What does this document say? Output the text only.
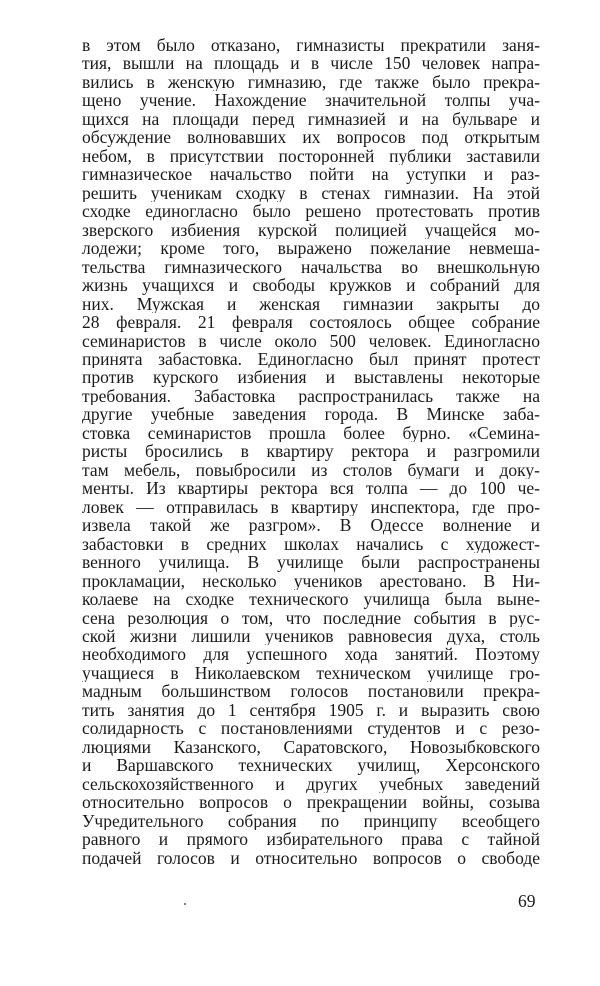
в этом было отказано, гимназисты прекратили заня-
тия, вышли на площадь и в числе 150 человек напра-
вились в женскую гимназию, где также было прекра-
щено учение. Нахождение значительной толпы уча-
щихся на площади перед гимназией и на бульваре и
обсуждение волновавших их вопросов под открытым
небом, в присутствии посторонней публики заставили
гимназическое начальство пойти на уступки и раз-
решить ученикам сходку в стенах гимназии. На этой
сходке единогласно было решено протестовать против
зверского избиения курской полицией учащейся мо-
лодежи; кроме того, выражено пожелание невмеша-
тельства гимназического начальства во внешкольную
жизнь учащихся и свободы кружков и собраний для
них. Мужская и женская гимназии закрыты до
28 февраля. 21 февраля состоялось общее собрание
семинаристов в числе около 500 человек. Единогласно
принята забастовка. Единогласно был принят протест
против курского избиения и выставлены некоторые
требования. Забастовка распространилась также на
другие учебные заведения города. В Минске заба-
стовка семинаристов прошла более бурно. «Семина-
ристы бросились в квартиру ректора и разгромили
там мебель, повыбросили из столов бумаги и доку-
менты. Из квартиры ректора вся толпа — до 100 че-
ловек — отправилась в квартиру инспектора, где про-
извела такой же разгром». В Одессе волнение и
забастовки в средних школах начались с художест-
венного училища. В училище были распространены
прокламации, несколько учеников арестовано. В Ни-
колаеве на сходке технического училища была выне-
сена резолюция о том, что последние события в рус-
ской жизни лишили учеников равновесия духа, столь
необходимого для успешного хода занятий. Поэтому
учащиеся в Николаевском техническом училище гро-
мадным большинством голосов постановили прекра-
тить занятия до 1 сентября 1905 г. и выразить свою
солидарность с постановлениями студентов и с резо-
люциями Казанского, Саратовского, Новозыбковского
и Варшавского технических училищ, Херсонского
сельскохозяйственного и других учебных заведений
относительно вопросов о прекращении войны, созыва
Учредительного собрания по принципу всеобщего
равного и прямого избирательного права с тайной
подачей голосов и относительно вопросов о свободе
69
